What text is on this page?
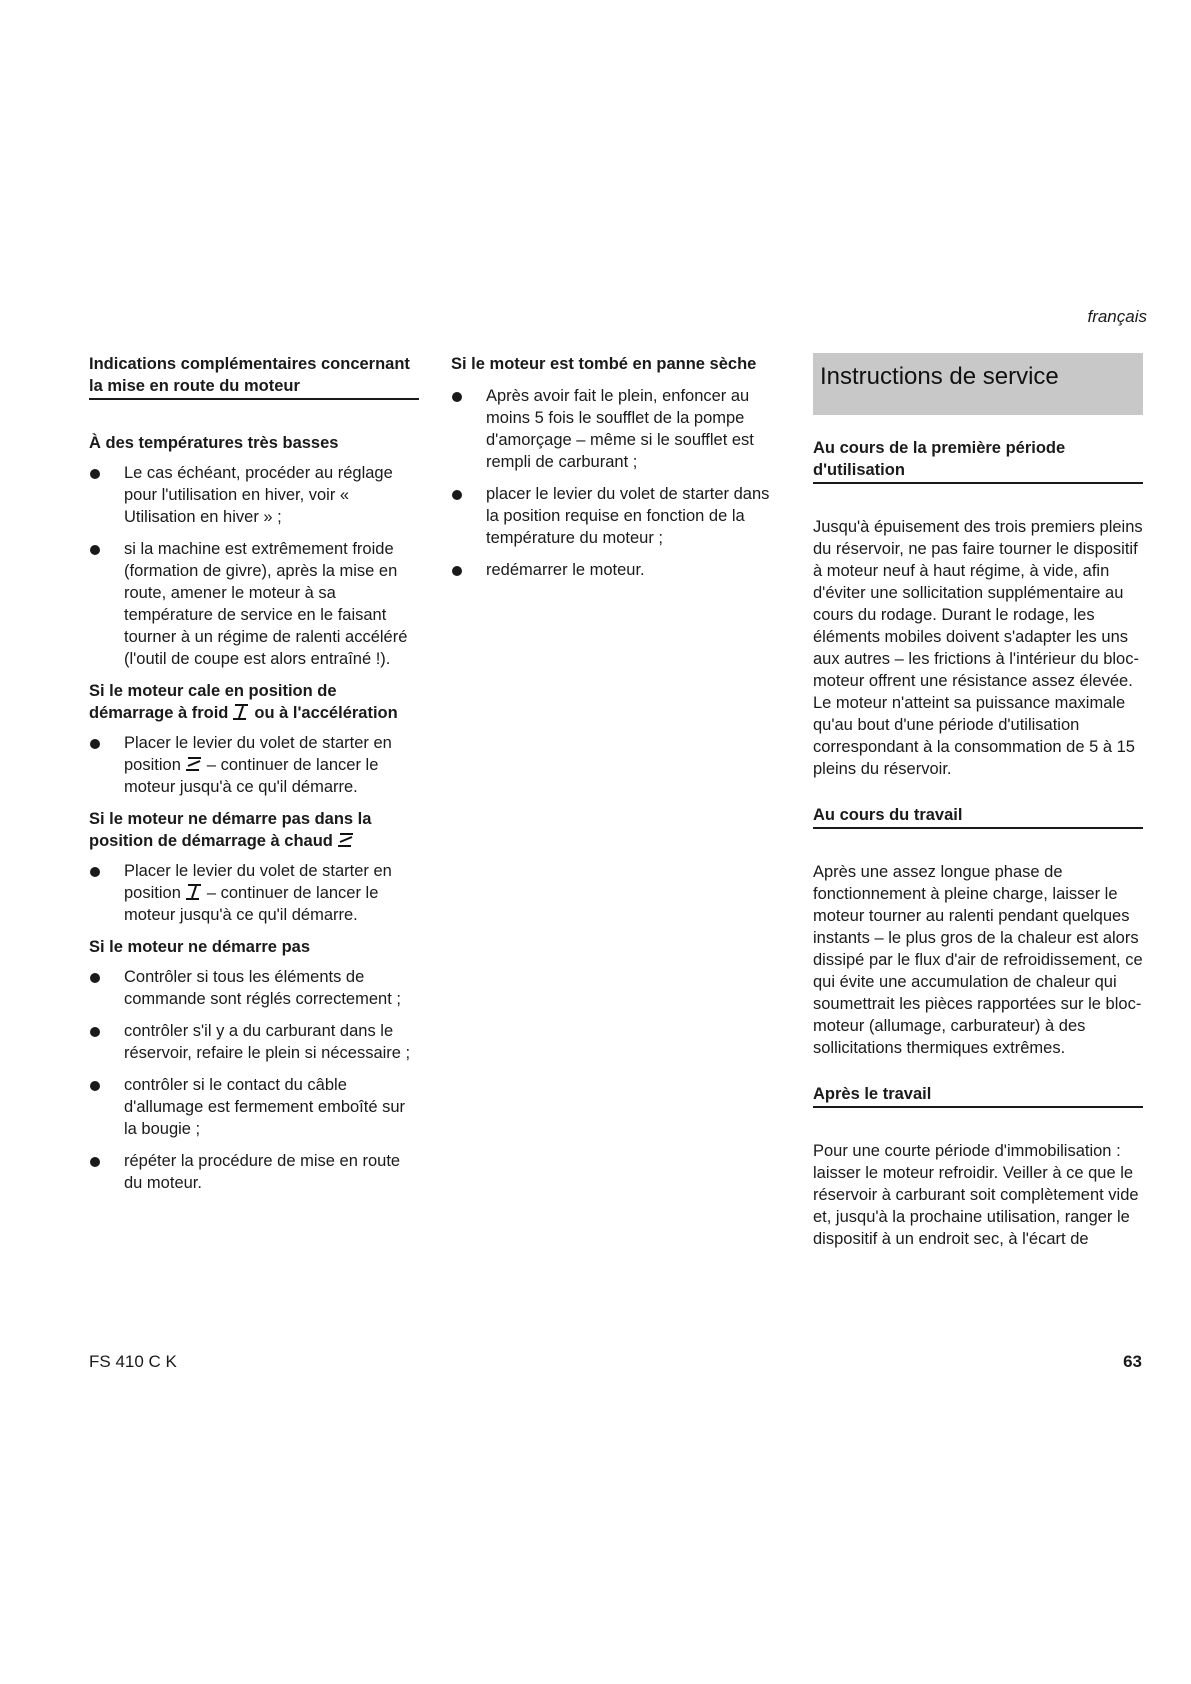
français

Indications complémentaires concernant la mise en route du moteur

À des températures très basses

Le cas échéant, procéder au réglage pour l'utilisation en hiver, voir « Utilisation en hiver » ;
si la machine est extrêmement froide (formation de givre), après la mise en route, amener le moteur à sa température de service en le faisant tourner à un régime de ralenti accéléré (l'outil de coupe est alors entraîné !).

Si le moteur cale en position de démarrage à froid ou à l'accélération

Placer le levier du volet de starter en position – continuer de lancer le moteur jusqu'à ce qu'il démarre.

Si le moteur ne démarre pas dans la position de démarrage à chaud

Placer le levier du volet de starter en position – continuer de lancer le moteur jusqu'à ce qu'il démarre.

Si le moteur ne démarre pas

Contrôler si tous les éléments de commande sont réglés correctement ;
contrôler s'il y a du carburant dans le réservoir, refaire le plein si nécessaire ;
contrôler si le contact du câble d'allumage est fermement emboîté sur la bougie ;
répéter la procédure de mise en route du moteur.

Si le moteur est tombé en panne sèche

Après avoir fait le plein, enfoncer au moins 5 fois le soufflet de la pompe d'amorçage – même si le soufflet est rempli de carburant ;
placer le levier du volet de starter dans la position requise en fonction de la température du moteur ;
redémarrer le moteur.
Instructions de service

Au cours de la première période d'utilisation

Jusqu'à épuisement des trois premiers pleins du réservoir, ne pas faire tourner le dispositif à moteur neuf à haut régime, à vide, afin d'éviter une sollicitation supplémentaire au cours du rodage. Durant le rodage, les éléments mobiles doivent s'adapter les uns aux autres – les frictions à l'intérieur du bloc-moteur offrent une résistance assez élevée. Le moteur n'atteint sa puissance maximale qu'au bout d'une période d'utilisation correspondant à la consommation de 5 à 15 pleins du réservoir.

Au cours du travail

Après une assez longue phase de fonctionnement à pleine charge, laisser le moteur tourner au ralenti pendant quelques instants – le plus gros de la chaleur est alors dissipé par le flux d'air de refroidissement, ce qui évite une accumulation de chaleur qui soumettrait les pièces rapportées sur le bloc-moteur (allumage, carburateur) à des sollicitations thermiques extrêmes.

Après le travail

Pour une courte période d'immobilisation : laisser le moteur refroidir. Veiller à ce que le réservoir à carburant soit complètement vide et, jusqu'à la prochaine utilisation, ranger le dispositif à un endroit sec, à l'écart de

FS 410 C K	63
